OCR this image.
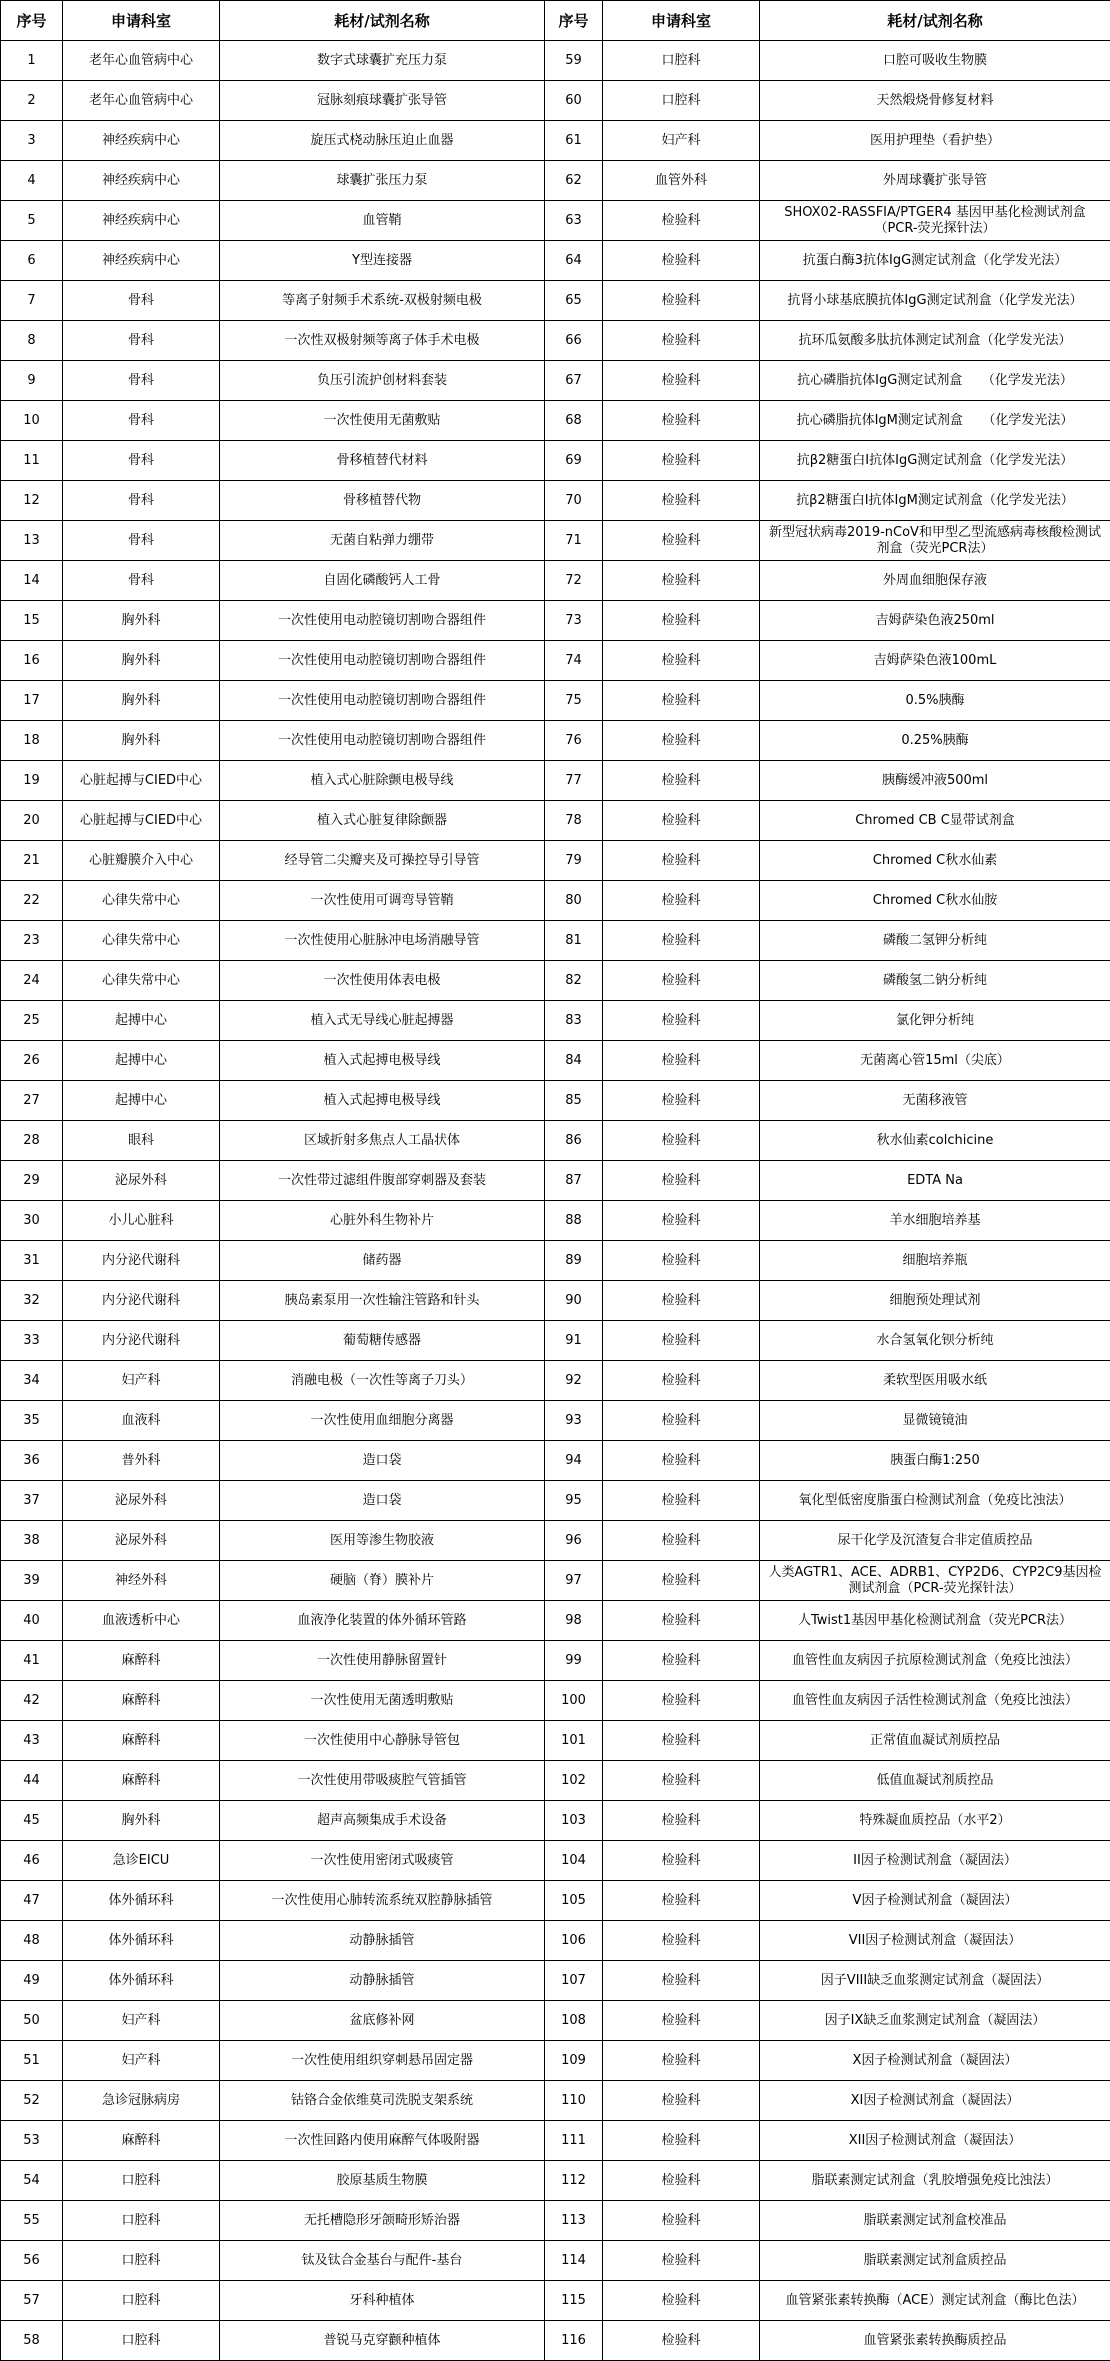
序号	申请科室	耗材/试剂名称	序号	申请科室	耗材/试剂名称
1	老年心血管病中心	数字式球囊扩充压力泵	59	口腔科	口腔可吸收生物膜
2	老年心血管病中心	冠脉刻痕球囊扩张导管	60	口腔科	天然煅烧骨修复材料
3	神经疾病中心	旋压式桡动脉压迫止血器	61	妇产科	医用护理垫（看护垫）
4	神经疾病中心	球囊扩张压力泵	62	血管外科	外周球囊扩张导管
5	神经疾病中心	血管鞘	63	检验科	SHOX02-RASSFIA/PTGER4 基因甲基化检测试剂盒（PCR-荧光探针法）
6	神经疾病中心	Y型连接器	64	检验科	抗蛋白酶3抗体IgG测定试剂盒（化学发光法）
7	骨科	等离子射频手术系统-双极射频电极	65	检验科	抗肾小球基底膜抗体IgG测定试剂盒（化学发光法）
8	骨科	一次性双极射频等离子体手术电极	66	检验科	抗环瓜氨酸多肽抗体测定试剂盒（化学发光法）
9	骨科	负压引流护创材料套装	67	检验科	抗心磷脂抗体IgG测定试剂盒　　（化学发光法）
10	骨科	一次性使用无菌敷贴	68	检验科	抗心磷脂抗体IgM测定试剂盒　　（化学发光法）
11	骨科	骨移植替代材料	69	检验科	抗β2糖蛋白I抗体IgG测定试剂盒（化学发光法）
12	骨科	骨移植替代物	70	检验科	抗β2糖蛋白I抗体IgM测定试剂盒（化学发光法）
13	骨科	无菌自粘弹力绷带	71	检验科	新型冠状病毒2019-nCoV和甲型乙型流感病毒核酸检测试剂盒（荧光PCR法）
14	骨科	自固化磷酸钙人工骨	72	检验科	外周血细胞保存液
15	胸外科	一次性使用电动腔镜切割吻合器组件	73	检验科	吉姆萨染色液250ml
16	胸外科	一次性使用电动腔镜切割吻合器组件	74	检验科	吉姆萨染色液100mL
17	胸外科	一次性使用电动腔镜切割吻合器组件	75	检验科	0.5%胰酶
18	胸外科	一次性使用电动腔镜切割吻合器组件	76	检验科	0.25%胰酶
19	心脏起搏与CIED中心	植入式心脏除颤电极导线	77	检验科	胰酶缓冲液500ml
20	心脏起搏与CIED中心	植入式心脏复律除颤器	78	检验科	Chromed CB C显带试剂盒
21	心脏瓣膜介入中心	经导管二尖瓣夹及可操控导引导管	79	检验科	Chromed C秋水仙素
22	心律失常中心	一次性使用可调弯导管鞘	80	检验科	Chromed C秋水仙胺
23	心律失常中心	一次性使用心脏脉冲电场消融导管	81	检验科	磷酸二氢钾分析纯
24	心律失常中心	一次性使用体表电极	82	检验科	磷酸氢二钠分析纯
25	起搏中心	植入式无导线心脏起搏器	83	检验科	氯化钾分析纯
26	起搏中心	植入式起搏电极导线	84	检验科	无菌离心管15ml（尖底）
27	起搏中心	植入式起搏电极导线	85	检验科	无菌移液管
28	眼科	区域折射多焦点人工晶状体	86	检验科	秋水仙素colchicine
29	泌尿外科	一次性带过滤组件腹部穿刺器及套装	87	检验科	EDTA Na
30	小儿心脏科	心脏外科生物补片	88	检验科	羊水细胞培养基
31	内分泌代谢科	储药器	89	检验科	细胞培养瓶
32	内分泌代谢科	胰岛素泵用一次性输注管路和针头	90	检验科	细胞预处理试剂
33	内分泌代谢科	葡萄糖传感器	91	检验科	水合氢氧化钡分析纯
34	妇产科	消融电极（一次性等离子刀头）	92	检验科	柔软型医用吸水纸
35	血液科	一次性使用血细胞分离器	93	检验科	显微镜镜油
36	普外科	造口袋	94	检验科	胰蛋白酶1:250
37	泌尿外科	造口袋	95	检验科	氧化型低密度脂蛋白检测试剂盒（免疫比浊法）
38	泌尿外科	医用等渗生物胶液	96	检验科	尿干化学及沉渣复合非定值质控品
39	神经外科	硬脑（脊）膜补片	97	检验科	人类AGTR1、ACE、ADRB1、CYP2D6、CYP2C9基因检测试剂盒（PCR-荧光探针法）
40	血液透析中心	血液净化装置的体外循环管路	98	检验科	人Twist1基因甲基化检测试剂盒（荧光PCR法）
41	麻醉科	一次性使用静脉留置针	99	检验科	血管性血友病因子抗原检测试剂盒（免疫比浊法）
42	麻醉科	一次性使用无菌透明敷贴	100	检验科	血管性血友病因子活性检测试剂盒（免疫比浊法）
43	麻醉科	一次性使用中心静脉导管包	101	检验科	正常值血凝试剂质控品
44	麻醉科	一次性使用带吸痰腔气管插管	102	检验科	低值血凝试剂质控品
45	胸外科	超声高频集成手术设备	103	检验科	特殊凝血质控品（水平2）
46	急诊EICU	一次性使用密闭式吸痰管	104	检验科	II因子检测试剂盒（凝固法）
47	体外循环科	一次性使用心肺转流系统双腔静脉插管	105	检验科	V因子检测试剂盒（凝固法）
48	体外循环科	动静脉插管	106	检验科	VII因子检测试剂盒（凝固法）
49	体外循环科	动静脉插管	107	检验科	因子VIII缺乏血浆测定试剂盒（凝固法）
50	妇产科	盆底修补网	108	检验科	因子IX缺乏血浆测定试剂盒（凝固法）
51	妇产科	一次性使用组织穿刺悬吊固定器	109	检验科	X因子检测试剂盒（凝固法）
52	急诊冠脉病房	钴铬合金依维莫司洗脱支架系统	110	检验科	XI因子检测试剂盒（凝固法）
53	麻醉科	一次性回路内使用麻醉气体吸附器	111	检验科	XII因子检测试剂盒（凝固法）
54	口腔科	胶原基质生物膜	112	检验科	脂联素测定试剂盒（乳胶增强免疫比浊法）
55	口腔科	无托槽隐形牙颌畸形矫治器	113	检验科	脂联素测定试剂盒校准品
56	口腔科	钛及钛合金基台与配件-基台	114	检验科	脂联素测定试剂盒质控品
57	口腔科	牙科种植体	115	检验科	血管紧张素转换酶（ACE）测定试剂盒（酶比色法）
58	口腔科	普锐马克穿颧种植体	116	检验科	血管紧张素转换酶质控品
